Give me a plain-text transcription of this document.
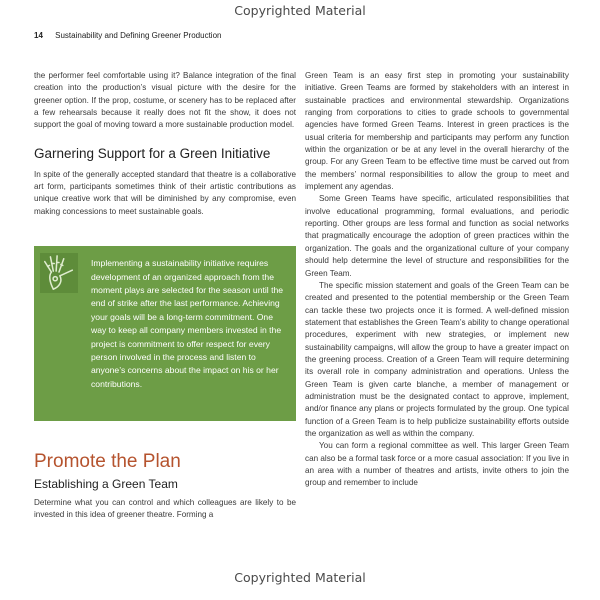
Copyrighted Material
14 Sustainability and Defining Greener Production

the performer feel comfortable using it? Balance integration of the final creation into the production’s visual picture with the desire for the greener option. If the prop, costume, or scenery has to be replaced after a few rehearsals because it really does not fit the show, it does not support the goal of moving toward a more sustainable production model.

Garnering Support for a Green Initiative

In spite of the generally accepted standard that theatre is a collaborative art form, participants sometimes think of their artistic contributions as unique creative work that will be diminished by any compromise, even making concessions to meet sustainable goals.

Implementing a sustainability initiative requires development of an organized approach from the moment plays are selected for the season until the end of strike after the last performance. Achieving your goals will be a long-term commitment. One way to keep all company members invested in the project is commitment to offer respect for every person involved in the process and listen to anyone’s concerns about the impact on his or her contributions.

Promote the Plan
Establishing a Green Team

Determine what you can control and which colleagues are likely to be invested in this idea of greener theatre. Forming a

Green Team is an easy first step in promoting your sustainability initiative. Green Teams are formed by stakeholders with an interest in sustainable practices and environmental stewardship. Organizations ranging from corporations to cities to grade schools to governmental agencies have formed Green Teams. Interest in green practices is the usual criteria for membership and participants may perform any function within the organization or be at any level in the overall hierarchy of the group. For any Green Team to be effective time must be carved out from the members’ normal responsibilities to allow the group to meet and implement any agendas.

Some Green Teams have specific, articulated responsibilities that involve educational programming, formal evaluations, and periodic reporting. Other groups are less formal and function as social networks that pragmatically encourage the adoption of green practices within the organization. The goals and the organizational culture of your company should help determine the level of structure and responsibilities for the Green Team.

The specific mission statement and goals of the Green Team can be created and presented to the potential membership or the Green Team can tackle these two projects once it is formed. A well-defined mission statement that establishes the Green Team’s ability to change operational procedures, experiment with new strategies, or implement new sustainability campaigns, will allow the group to have a greater impact on the greening process. Creation of a Green Team will require determining its overall role in company administration and operations. Unless the Green Team is given carte blanche, a member of management or administration must be the designated contact to approve, implement, and/or finance any plans or projects formulated by the group. One typical function of a Green Team is to help publicize sustainability efforts outside the organization as well as within the company.

You can form a regional committee as well. This larger Green Team can also be a formal task force or a more casual association: If you live in an area with a number of theatres and artists, invite others to join the group and remember to include

Copyrighted Material
